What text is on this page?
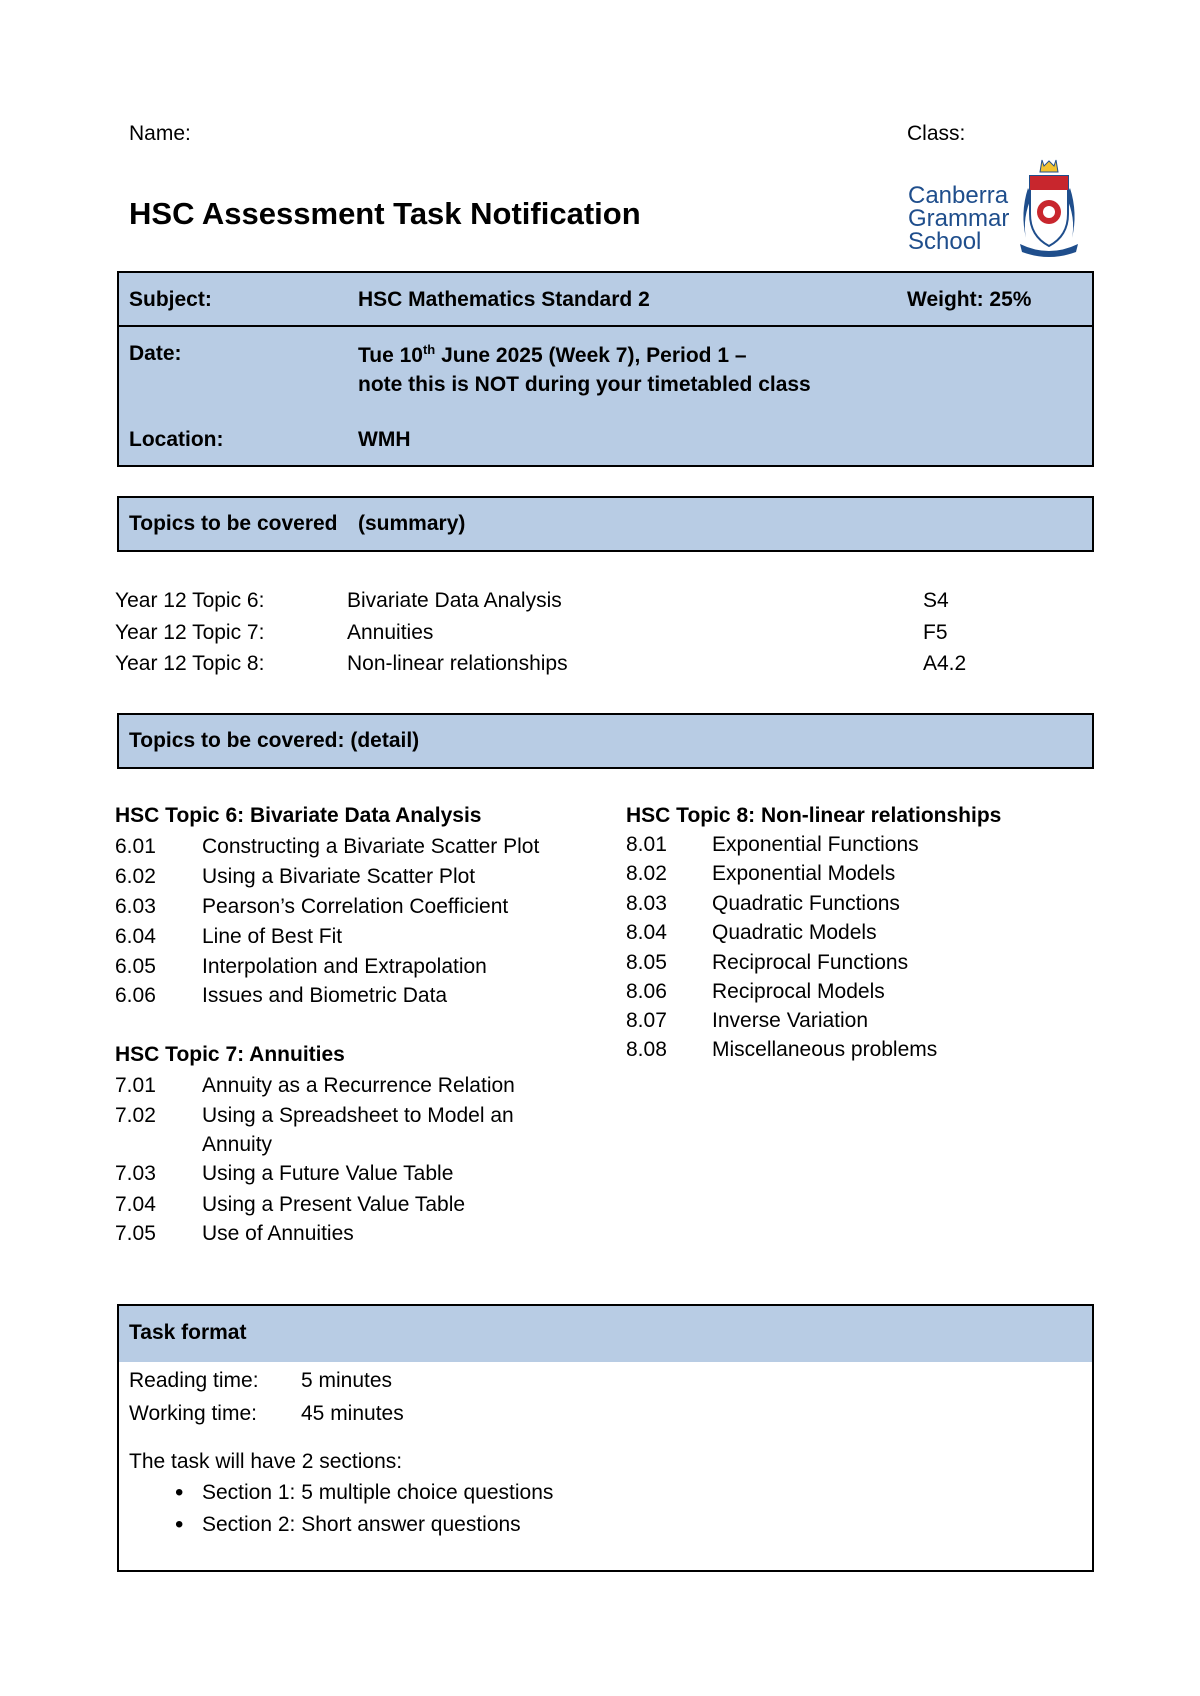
Name:	Class:
HSC Assessment Task Notification
Canberra
Grammar
School
Subject:	HSC Mathematics Standard 2	Weight: 25%
Date:	Tue 10th June 2025 (Week 7), Period 1 –
note this is NOT during your timetabled class
Location:	WMH
Topics to be covered (summary)
Year 12 Topic 6:	Bivariate Data Analysis	S4
Year 12 Topic 7:	Annuities	F5
Year 12 Topic 8:	Non-linear relationships	A4.2
Topics to be covered: (detail)
HSC Topic 6: Bivariate Data Analysis
6.01 Constructing a Bivariate Scatter Plot
6.02 Using a Bivariate Scatter Plot
6.03 Pearson’s Correlation Coefficient
6.04 Line of Best Fit
6.05 Interpolation and Extrapolation
6.06 Issues and Biometric Data
HSC Topic 7: Annuities
7.01 Annuity as a Recurrence Relation
7.02 Using a Spreadsheet to Model an
Annuity
7.03 Using a Future Value Table
7.04 Using a Present Value Table
7.05 Use of Annuities
HSC Topic 8: Non-linear relationships
8.01 Exponential Functions
8.02 Exponential Models
8.03 Quadratic Functions
8.04 Quadratic Models
8.05 Reciprocal Functions
8.06 Reciprocal Models
8.07 Inverse Variation
8.08 Miscellaneous problems
Task format
Reading time: 5 minutes
Working time: 45 minutes
The task will have 2 sections:
• Section 1: 5 multiple choice questions
• Section 2: Short answer questions
